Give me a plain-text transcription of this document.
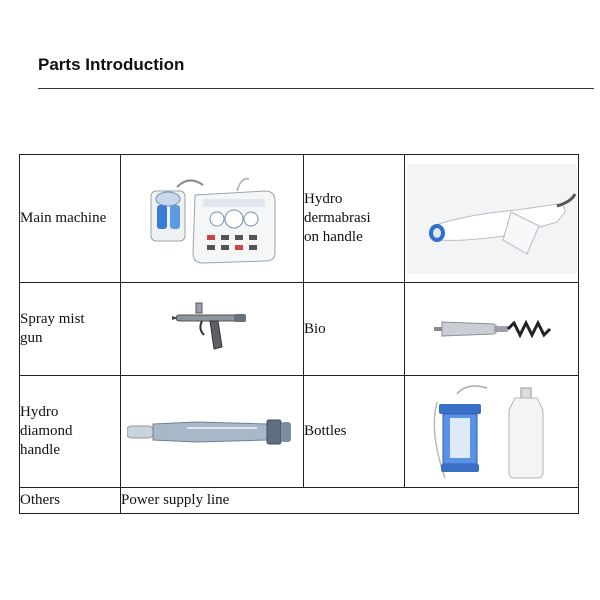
Parts Introduction
Main machine		Hydro
dermabrasi
on handle	

Spray mist
gun		Bio	

Hydro
diamond
handle		Bottles	

Others	Power supply line		
